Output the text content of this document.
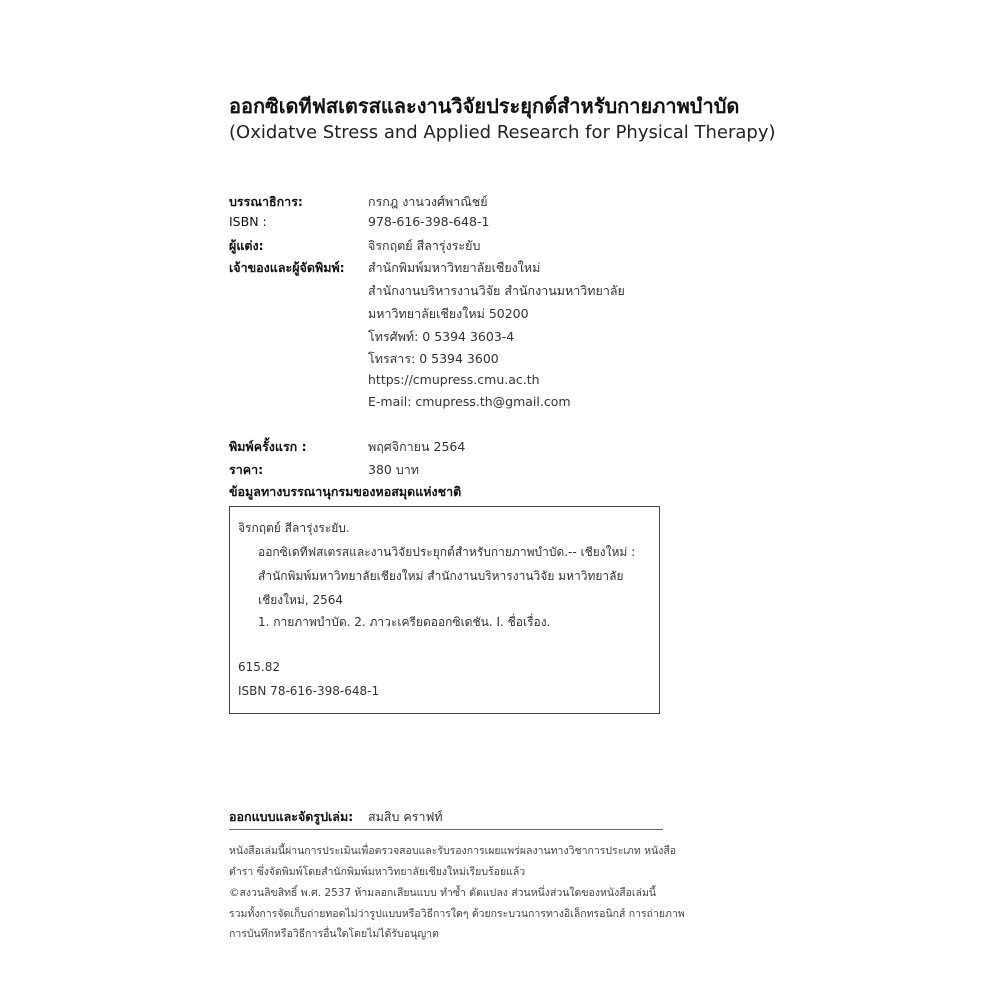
ออกซิเดทีฟสเตรสและงานวิจัยประยุกต์สำหรับกายภาพบำบัด
(Oxidatve Stress and Applied Research for Physical Therapy)
บรรณาธิการ:	กรกฎ งานวงศ์พาณิชย์
ISBN :	978-616-398-648-1
ผู้แต่ง:	จิรกฤตย์ สีลารุ่งระยับ
เจ้าของและผู้จัดพิมพ์: สำนักพิมพ์มหาวิทยาลัยเชียงใหม่
สำนักงานบริหารงานวิจัย สำนักงานมหาวิทยาลัย
มหาวิทยาลัยเชียงใหม่ 50200
โทรศัพท์: 0 5394 3603-4
โทรสาร: 0 5394 3600
https://cmupress.cmu.ac.th
E-mail: cmupress.th@gmail.com
พิมพ์ครั้งแรก :	พฤศจิกายน 2564
ราคา:	380 บาท
ข้อมูลทางบรรณานุกรมของหอสมุดแห่งชาติ
จิรกฤตย์ สีลารุ่งระยับ.
ออกซิเดทีฟสเตรสและงานวิจัยประยุกต์สำหรับกายภาพบำบัด.-- เชียงใหม่ :
สำนักพิมพ์มหาวิทยาลัยเชียงใหม่ สำนักงานบริหารงานวิจัย มหาวิทยาลัย
เชียงใหม่, 2564
1. กายภาพบำบัด. 2. ภาวะเครียดออกซิเดชัน. I. ชื่อเรื่อง.
615.82
ISBN 78-616-398-648-1
ออกแบบและจัดรูปเล่ม: สมสิบ คราฟท์
หนังสือเล่มนี้ผ่านการประเมินเพื่อตรวจสอบและรับรองการเผยแพร่ผลงานทางวิชาการประเภท หนังสือ
ตำรา ซึ่งจัดพิมพ์โดยสำนักพิมพ์มหาวิทยาลัยเชียงใหม่เรียบร้อยแล้ว
©สงวนลิขสิทธิ์ พ.ศ. 2537 ห้ามลอกเลียนแบบ ทำซ้ำ ดัดแปลง ส่วนหนึ่งส่วนใดของหนังสือเล่มนี้
รวมทั้งการจัดเก็บถ่ายทอดไม่ว่ารูปแบบหรือวิธีการใดๆ ด้วยกระบวนการทางอิเล็กทรอนิกส์ การถ่ายภาพ
การบันทึกหรือวิธีการอื่นใดโดยไม่ได้รับอนุญาต
